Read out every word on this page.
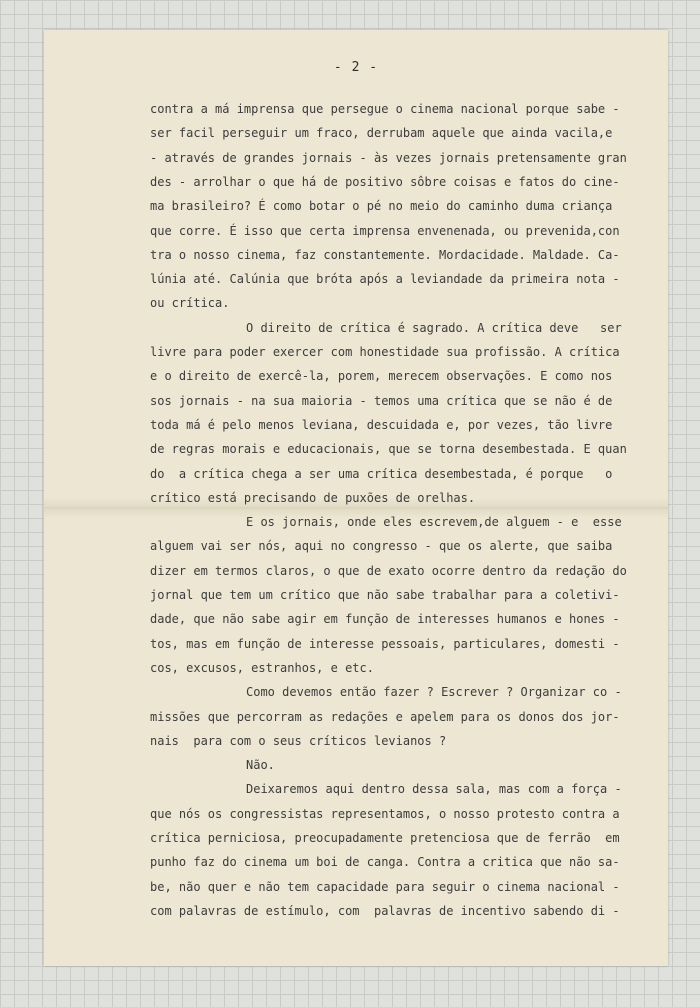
- 2 -
contra a má imprensa que persegue o cinema nacional porque sabe -
ser facil perseguir um fraco, derrubam aquele que ainda vacila,e
- através de grandes jornais - às vezes jornais pretensamente gran
des - arrolhar o que há de positivo sôbre coisas e fatos do cine-
ma brasileiro? É como botar o pé no meio do caminho duma criança
que corre. É isso que certa imprensa envenenada, ou prevenida,con
tra o nosso cinema, faz constantemente. Mordacidade. Maldade. Ca-
lúnia até. Calúnia que bróta após a leviandade da primeira nota -
ou crítica.
O direito de crítica é sagrado. A crítica deve   ser
livre para poder exercer com honestidade sua profissão. A crítica
e o direito de exercê-la, porem, merecem observações. E como nos
sos jornais - na sua maioria - temos uma crítica que se não é de
toda má é pelo menos leviana, descuidada e, por vezes, tão livre
de regras morais e educacionais, que se torna desembestada. E quan
do  a crítica chega a ser uma crítica desembestada, é porque   o
crítico está precisando de puxões de orelhas.
E os jornais, onde eles escrevem,de alguem - e  esse
alguem vai ser nós, aqui no congresso - que os alerte, que saiba
dizer em termos claros, o que de exato ocorre dentro da redação do
jornal que tem um crítico que não sabe trabalhar para a coletivi-
dade, que não sabe agir em função de interesses humanos e hones -
tos, mas em função de interesse pessoais, particulares, domesti -
cos, excusos, estranhos, e etc.
Como devemos então fazer ? Escrever ? Organizar co -
missões que percorram as redações e apelem para os donos dos jor-
nais  para com o seus críticos levianos ?
Não.
Deixaremos aqui dentro dessa sala, mas com a força -
que nós os congressistas representamos, o nosso protesto contra a
crítica perniciosa, preocupadamente pretenciosa que de ferrão  em
punho faz do cinema um boi de canga. Contra a critica que não sa-
be, não quer e não tem capacidade para seguir o cinema nacional -
com palavras de estímulo, com  palavras de incentivo sabendo di -
